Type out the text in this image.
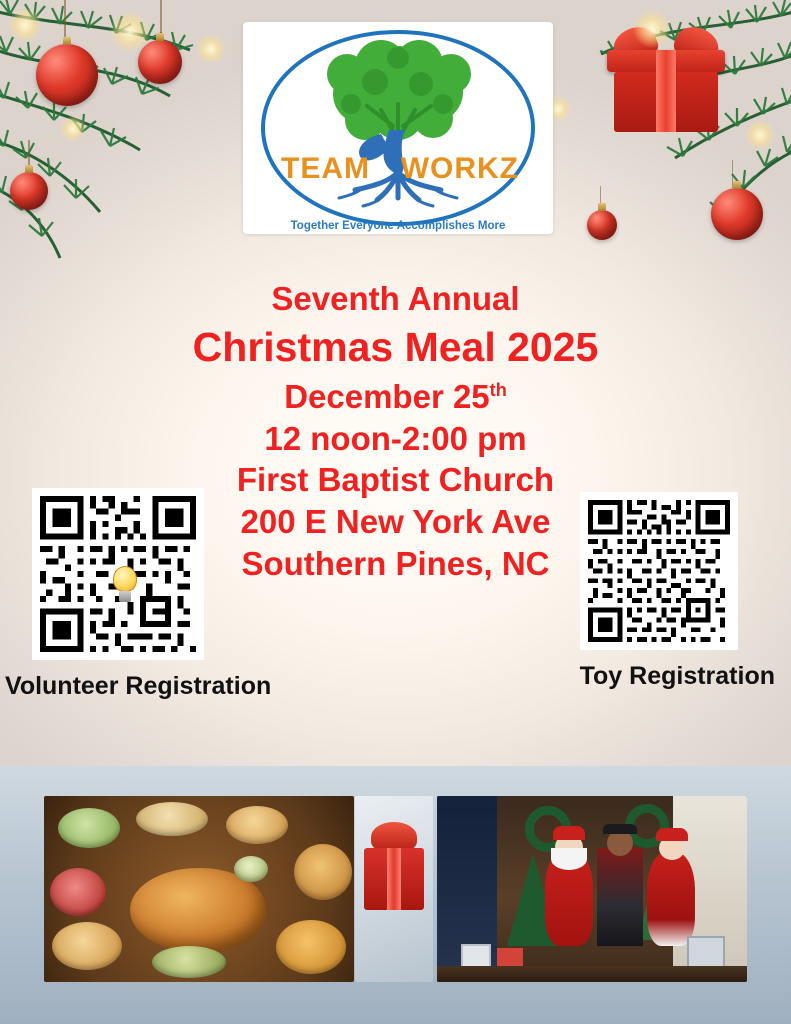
TEAM WORKZ
Together Everyone Accomplishes More
Seventh Annual
Christmas Meal 2025
December 25th
12 noon-2:00 pm
First Baptist Church
200 E New York Ave
Southern Pines, NC
Volunteer Registration	Toy Registration
